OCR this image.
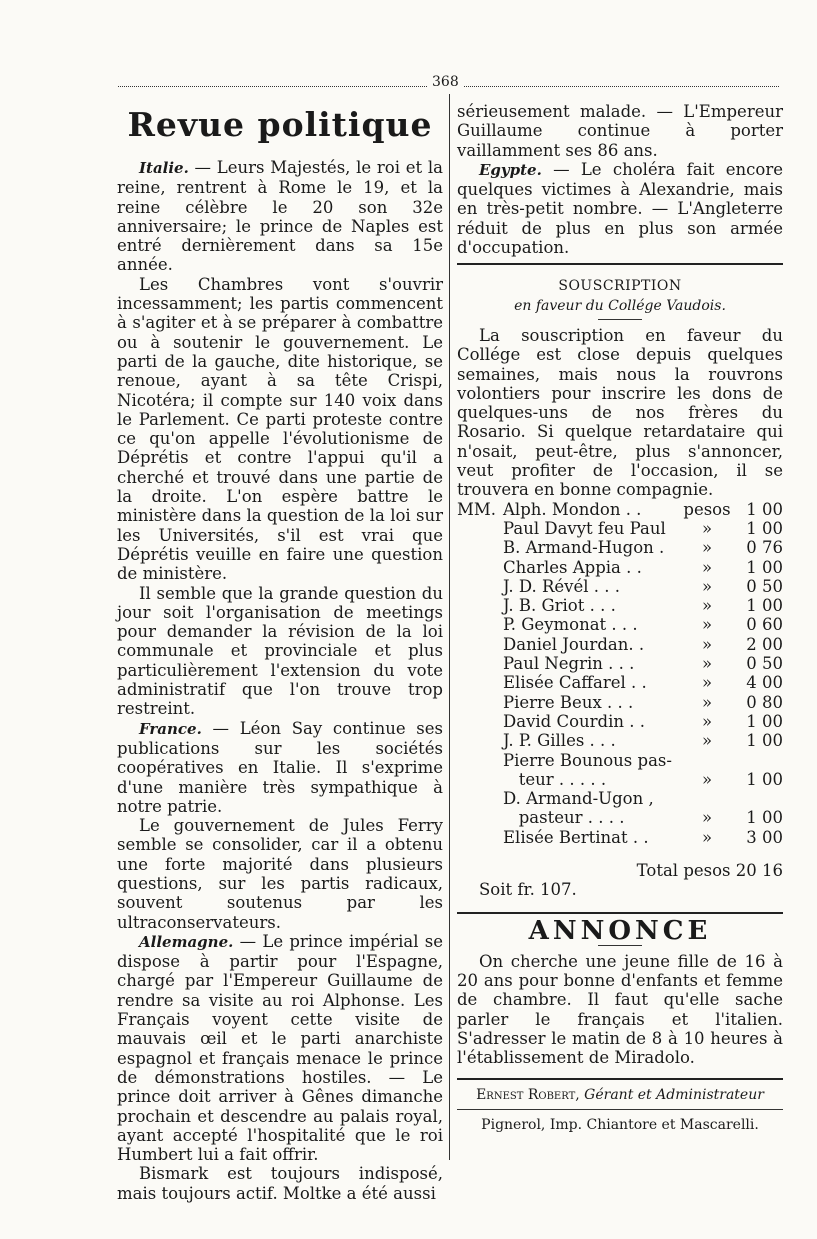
368
Revue politique

Italie. — Leurs Majestés, le roi et la reine, rentrent à Rome le 19, et la reine célèbre le 20 son 32e anniversaire; le prince de Naples est entré dernièrement dans sa 15e année.

Les Chambres vont s'ouvrir incessamment; les partis commencent à s'agiter et à se préparer à combattre ou à soutenir le gouvernement. Le parti de la gauche, dite historique, se renoue, ayant à sa tête Crispi, Nicotéra; il compte sur 140 voix dans le Parlement. Ce parti proteste contre ce qu'on appelle l'évolutionisme de Déprétis et contre l'appui qu'il a cherché et trouvé dans une partie de la droite. L'on espère battre le ministère dans la question de la loi sur les Universités, s'il est vrai que Déprétis veuille en faire une question de ministère.

Il semble que la grande question du jour soit l'organisation de meetings pour demander la révision de la loi communale et provinciale et plus particulièrement l'extension du vote administratif que l'on trouve trop restreint.

France. — Léon Say continue ses publications sur les sociétés coopératives en Italie. Il s'exprime d'une manière très sympathique à notre patrie.

Le gouvernement de Jules Ferry semble se consolider, car il a obtenu une forte majorité dans plusieurs questions, sur les partis radicaux, souvent soutenus par les ultraconservateurs.

Allemagne. — Le prince impérial se dispose à partir pour l'Espagne, chargé par l'Empereur Guillaume de rendre sa visite au roi Alphonse. Les Français voyent cette visite de mauvais œil et le parti anarchiste espagnol et français menace le prince de démonstrations hostiles. — Le prince doit arriver à Gênes dimanche prochain et descendre au palais royal, ayant accepté l'hospitalité que le roi Humbert lui a fait offrir.

Bismark est toujours indisposé, mais toujours actif. Moltke a été aussi

sérieusement malade. — L'Empereur Guillaume continue à porter vaillamment ses 86 ans.

Egypte. — Le choléra fait encore quelques victimes à Alexandrie, mais en très-petit nombre. — L'Angleterre réduit de plus en plus son armée d'occupation.

SOUSCRIPTION
en faveur du Collége Vaudois.

La souscription en faveur du Collége est close depuis quelques semaines, mais nous la rouvrons volontiers pour inscrire les dons de quelques-uns de nos frères du Rosario. Si quelque retardataire qui n'osait, peut-être, plus s'annoncer, veut profiter de l'occasion, il se trouvera en bonne compagnie.

MM.	Alph. Mondon . .	pesos	1 00
	Paul Davyt feu Paul	»	1 00
	B. Armand-Hugon .	»	0 76
	Charles Appia . .	»	1 00
	J. D. Révél . . .	»	0 50
	J. B. Griot . . .	»	1 00
	P. Geymonat . . .	»	0 60
	Daniel Jourdan. .	»	2 00
	Paul Negrin . . .	»	0 50
	Elisée Caffarel . .	»	4 00
	Pierre Beux . . .	»	0 80
	David Courdin . .	»	1 00
	J. P. Gilles . . .	»	1 00
	Pierre Bounous pas-		
	teur . . . . .	»	1 00
	D. Armand-Ugon ,		
	pasteur . . . .	»	1 00
	Elisée Bertinat . .	»	3 00
Total pesos 20 16
Soit fr. 107.
ANNONCE

On cherche une jeune fille de 16 à 20 ans pour bonne d'enfants et femme de chambre. Il faut qu'elle sache parler le français et l'italien. S'adresser le matin de 8 à 10 heures à l'établissement de Miradolo.

Ernest Robert, Gérant et Administrateur
Pignerol, Imp. Chiantore et Mascarelli.
